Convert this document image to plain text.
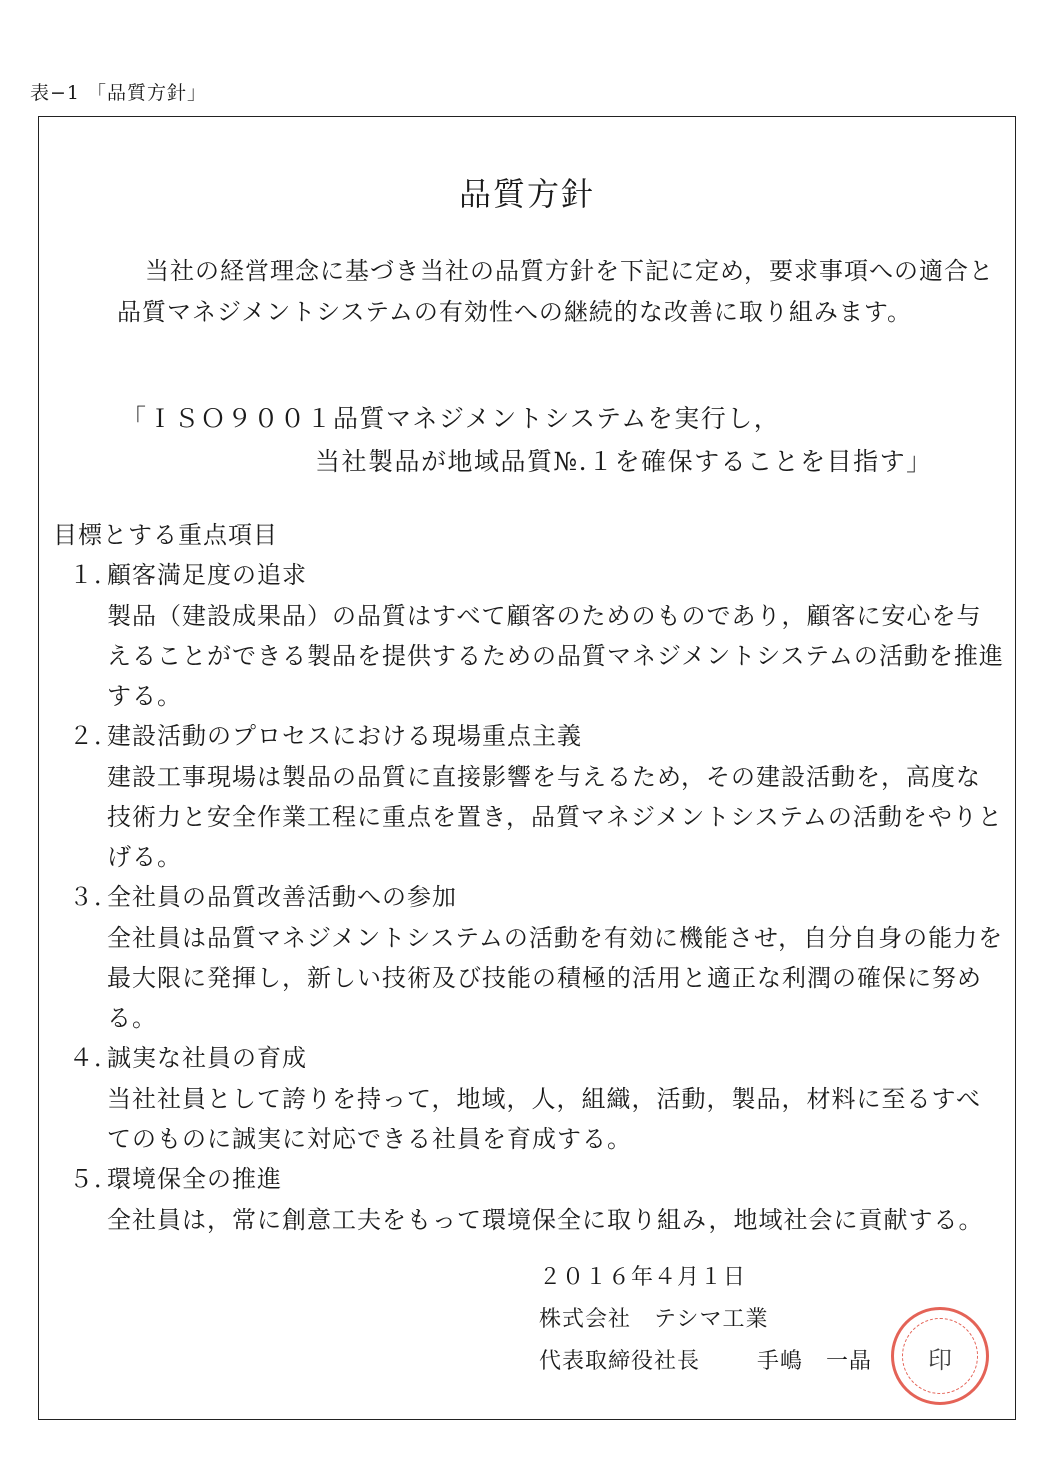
表−1 「品質方針」
品質方針

当社の経営理念に基づき当社の品質方針を下記に定め，要求事項への適合と品質マネジメントシステムの有効性への継続的な改善に取り組みます。

「ＩＳＯ９００１品質マネジメントシステムを実行し，
当社製品が地域品質№.１を確保することを目指す」
目標とする重点項目
１．顧客満足度の追求

製品（建設成果品）の品質はすべて顧客のためのものであり，顧客に安心を与えることができる製品を提供するための品質マネジメントシステムの活動を推進する。

２．建設活動のプロセスにおける現場重点主義

建設工事現場は製品の品質に直接影響を与えるため，その建設活動を，高度な技術力と安全作業工程に重点を置き，品質マネジメントシステムの活動をやりとげる。

３．全社員の品質改善活動への参加

全社員は品質マネジメントシステムの活動を有効に機能させ，自分自身の能力を最大限に発揮し，新しい技術及び技能の積極的活用と適正な利潤の確保に努める。

４．誠実な社員の育成

当社社員として誇りを持って，地域，人，組織，活動，製品，材料に至るすべてのものに誠実に対応できる社員を育成する。

５．環境保全の推進

全社員は，常に創意工夫をもって環境保全に取り組み，地域社会に貢献する。

２０１６年４月１日
株式会社　テシマ工業
代表取締役社長	手嶋　一晶	印
